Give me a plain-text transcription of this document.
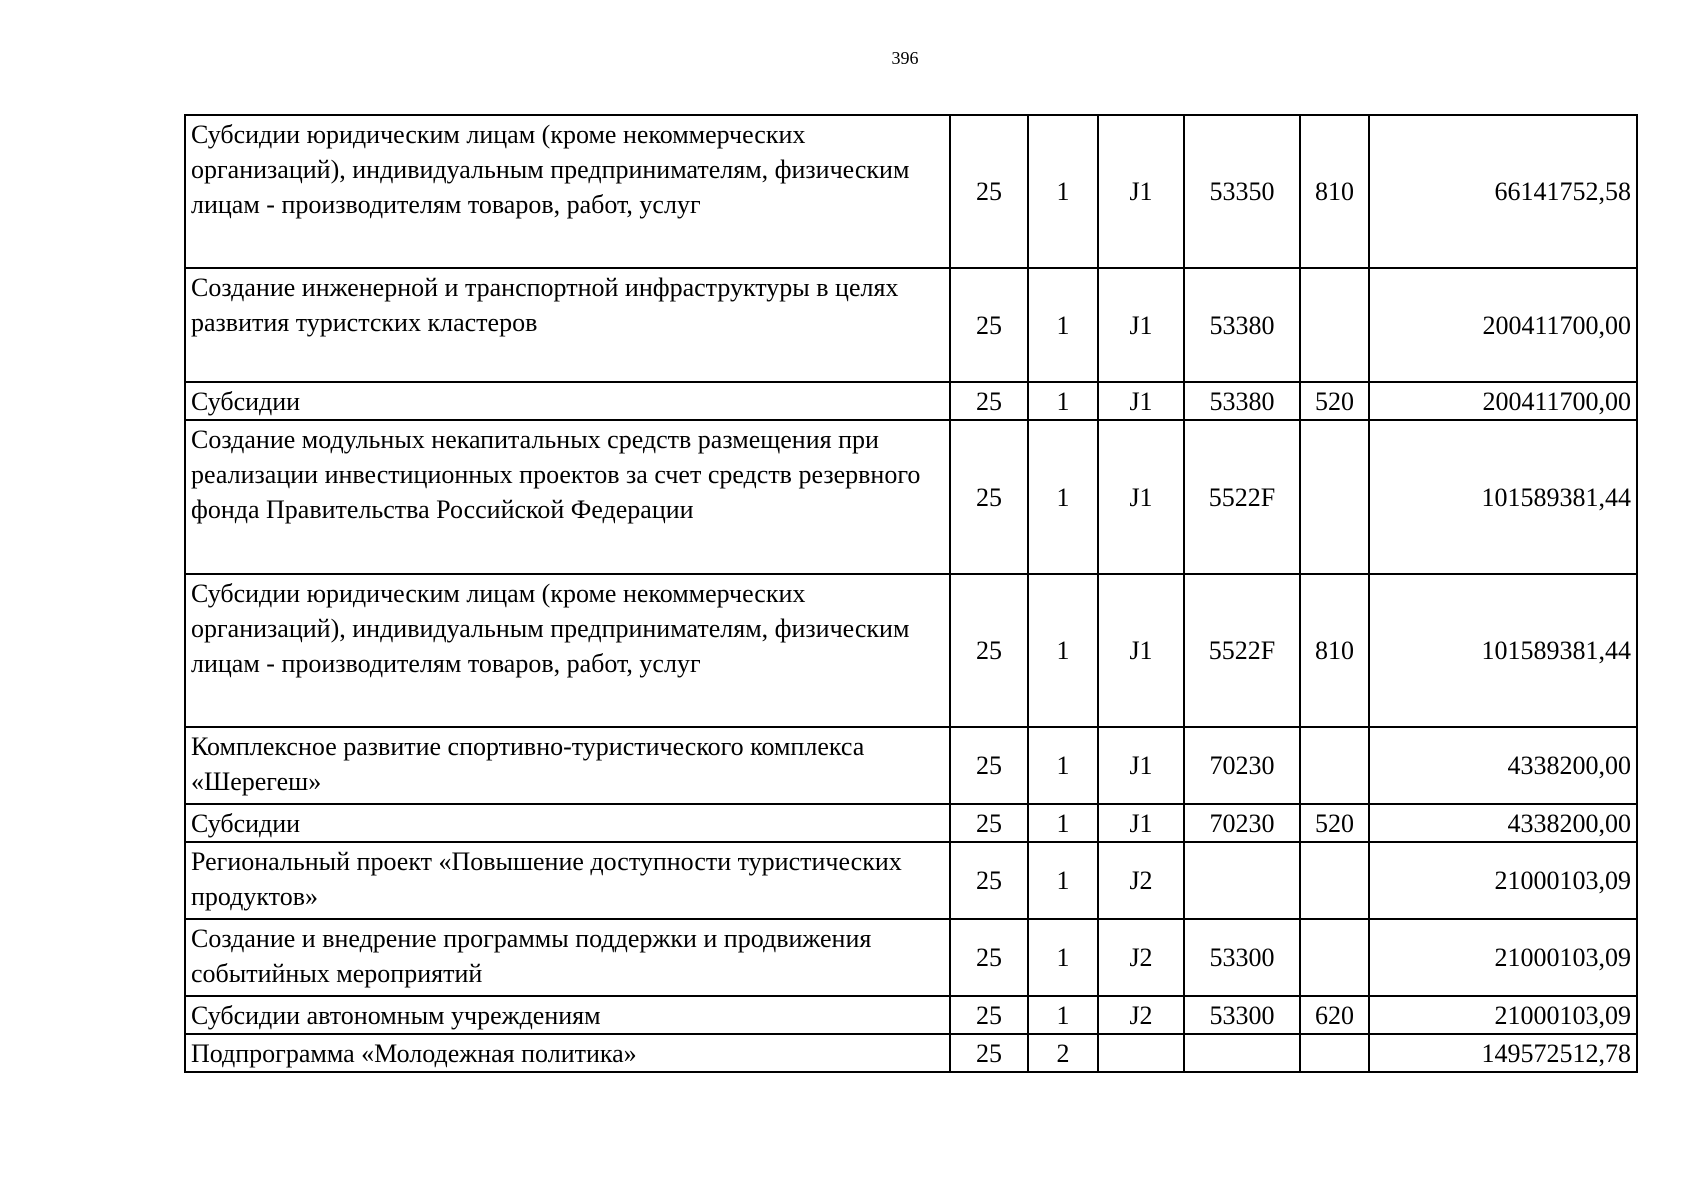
396
Субсидии юридическим лицам (кроме некоммерческих организаций), индивидуальным предпринимателям, физическим лицам - производителям товаров, работ, услуг	25	1	J1	53350	810	66141752,58
Создание инженерной и транспортной инфраструктуры в целях развития туристских кластеров	25	1	J1	53380		200411700,00
Субсидии	25	1	J1	53380	520	200411700,00
Создание модульных некапитальных средств размещения при реализации инвестиционных проектов за счет средств резервного фонда Правительства Российской Федерации	25	1	J1	5522F		101589381,44
Субсидии юридическим лицам (кроме некоммерческих организаций), индивидуальным предпринимателям, физическим лицам - производителям товаров, работ, услуг	25	1	J1	5522F	810	101589381,44
Комплексное развитие спортивно-туристического комплекса «Шерегеш»	25	1	J1	70230		4338200,00
Субсидии	25	1	J1	70230	520	4338200,00
Региональный проект «Повышение доступности туристических продуктов»	25	1	J2			21000103,09
Создание и внедрение программы поддержки и продвижения событийных мероприятий	25	1	J2	53300		21000103,09
Субсидии автономным учреждениям	25	1	J2	53300	620	21000103,09
Подпрограмма «Молодежная политика»	25	2				149572512,78
